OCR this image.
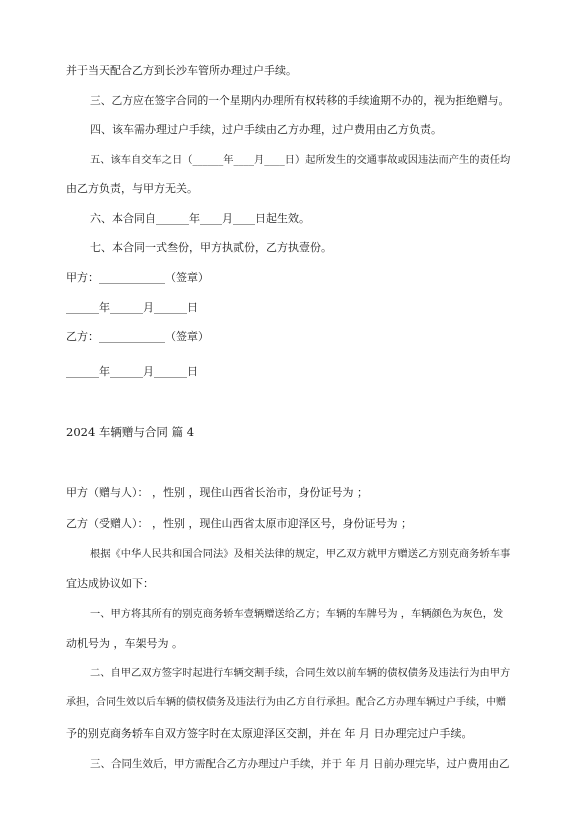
并于当天配合乙方到长沙车管所办理过户手续。

三、乙方应在签字合同的一个星期内办理所有权转移的手续逾期不办的，视为拒绝赠与。

四、该车需办理过户手续，过户手续由乙方办理，过户费用由乙方负责。

五、该车自交车之日（______年____月____日）起所发生的交通事故或因违法而产生的责任均

由乙方负责，与甲方无关。

六、本合同自______年____月____日起生效。

七、本合同一式叁份，甲方执贰份，乙方执壹份。

甲方：____________（签章）

______年______月______日

乙方：____________（签章）

______年______月______日

2024 车辆赠与合同 篇 4

甲方（赠与人）： ，性别 ，现住山西省长治市，身份证号为 ；

乙方（受赠人）： ，性别 ，现住山西省太原市迎泽区号，身份证号为 ；

根据《中华人民共和国合同法》及相关法律的规定，甲乙双方就甲方赠送乙方别克商务轿车事

宜达成协议如下：

一、甲方将其所有的别克商务轿车壹辆赠送给乙方；车辆的车牌号为 ，车辆颜色为灰色，发

动机号为 ，车架号为 。

二、自甲乙双方签字时起进行车辆交割手续，合同生效以前车辆的债权债务及违法行为由甲方

承担，合同生效以后车辆的债权债务及违法行为由乙方自行承担。配合乙方办理车辆过户手续，中赠

予的别克商务轿车自双方签字时在太原迎泽区交割，并在 年 月 日办理完过户手续。

三、合同生效后，甲方需配合乙方办理过户手续，并于 年 月 日前办理完毕，过户费用由乙
